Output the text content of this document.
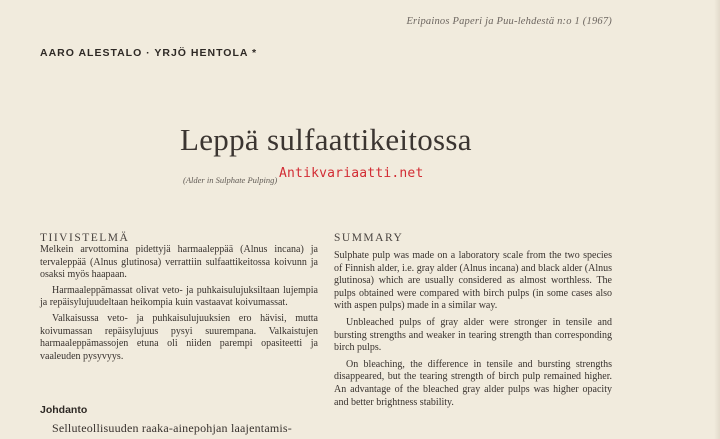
Eripainos Paperi ja Puu-lehdestä n:o 1 (1967)
AARO ALESTALO · YRJÖ HENTOLA *
Leppä sulfaattikeitossa
(Alder in Sulphate Pulping) Antikvariaatti.net
TIIVISTELMÄ

Melkein arvottomina pidettyjä harmaaleppää (Alnus incana) ja tervaleppää (Alnus glutinosa) verrattiin sulfaattikeitossa koivunn ja osaksi myös haapaan.

Harmaaleppämassat olivat veto- ja puhkaisulujuksiltaan lujempia ja repäisylujuudeltaan heikompia kuin vastaavat koivumassat.

Valkaisussa veto- ja puhkaisulujuuksien ero hävisi, mutta koivumassan repäisylujuus pysyi suurempana. Valkaistujen harmaaleppämassojen etuna oli niiden parempi opasiteetti ja vaaleuden pysyvyys.

SUMMARY

Sulphate pulp was made on a laboratory scale from the two species of Finnish alder, i.e. gray alder (Alnus incana) and black alder (Alnus glutinosa) which are usually considered as almost worthless. The pulps obtained were compared with birch pulps (in some cases also with aspen pulps) made in a similar way.

Unbleached pulps of gray alder were stronger in tensile and bursting strengths and weaker in tearing strength than corresponding birch pulps.

On bleaching, the difference in tensile and bursting strengths disappeared, but the tearing strength of birch pulp remained higher. An advantage of the bleached gray alder pulps was higher opacity and better brightness stability.

Johdanto
Selluteollisuuden raaka-ainepohjan laajentamis-
